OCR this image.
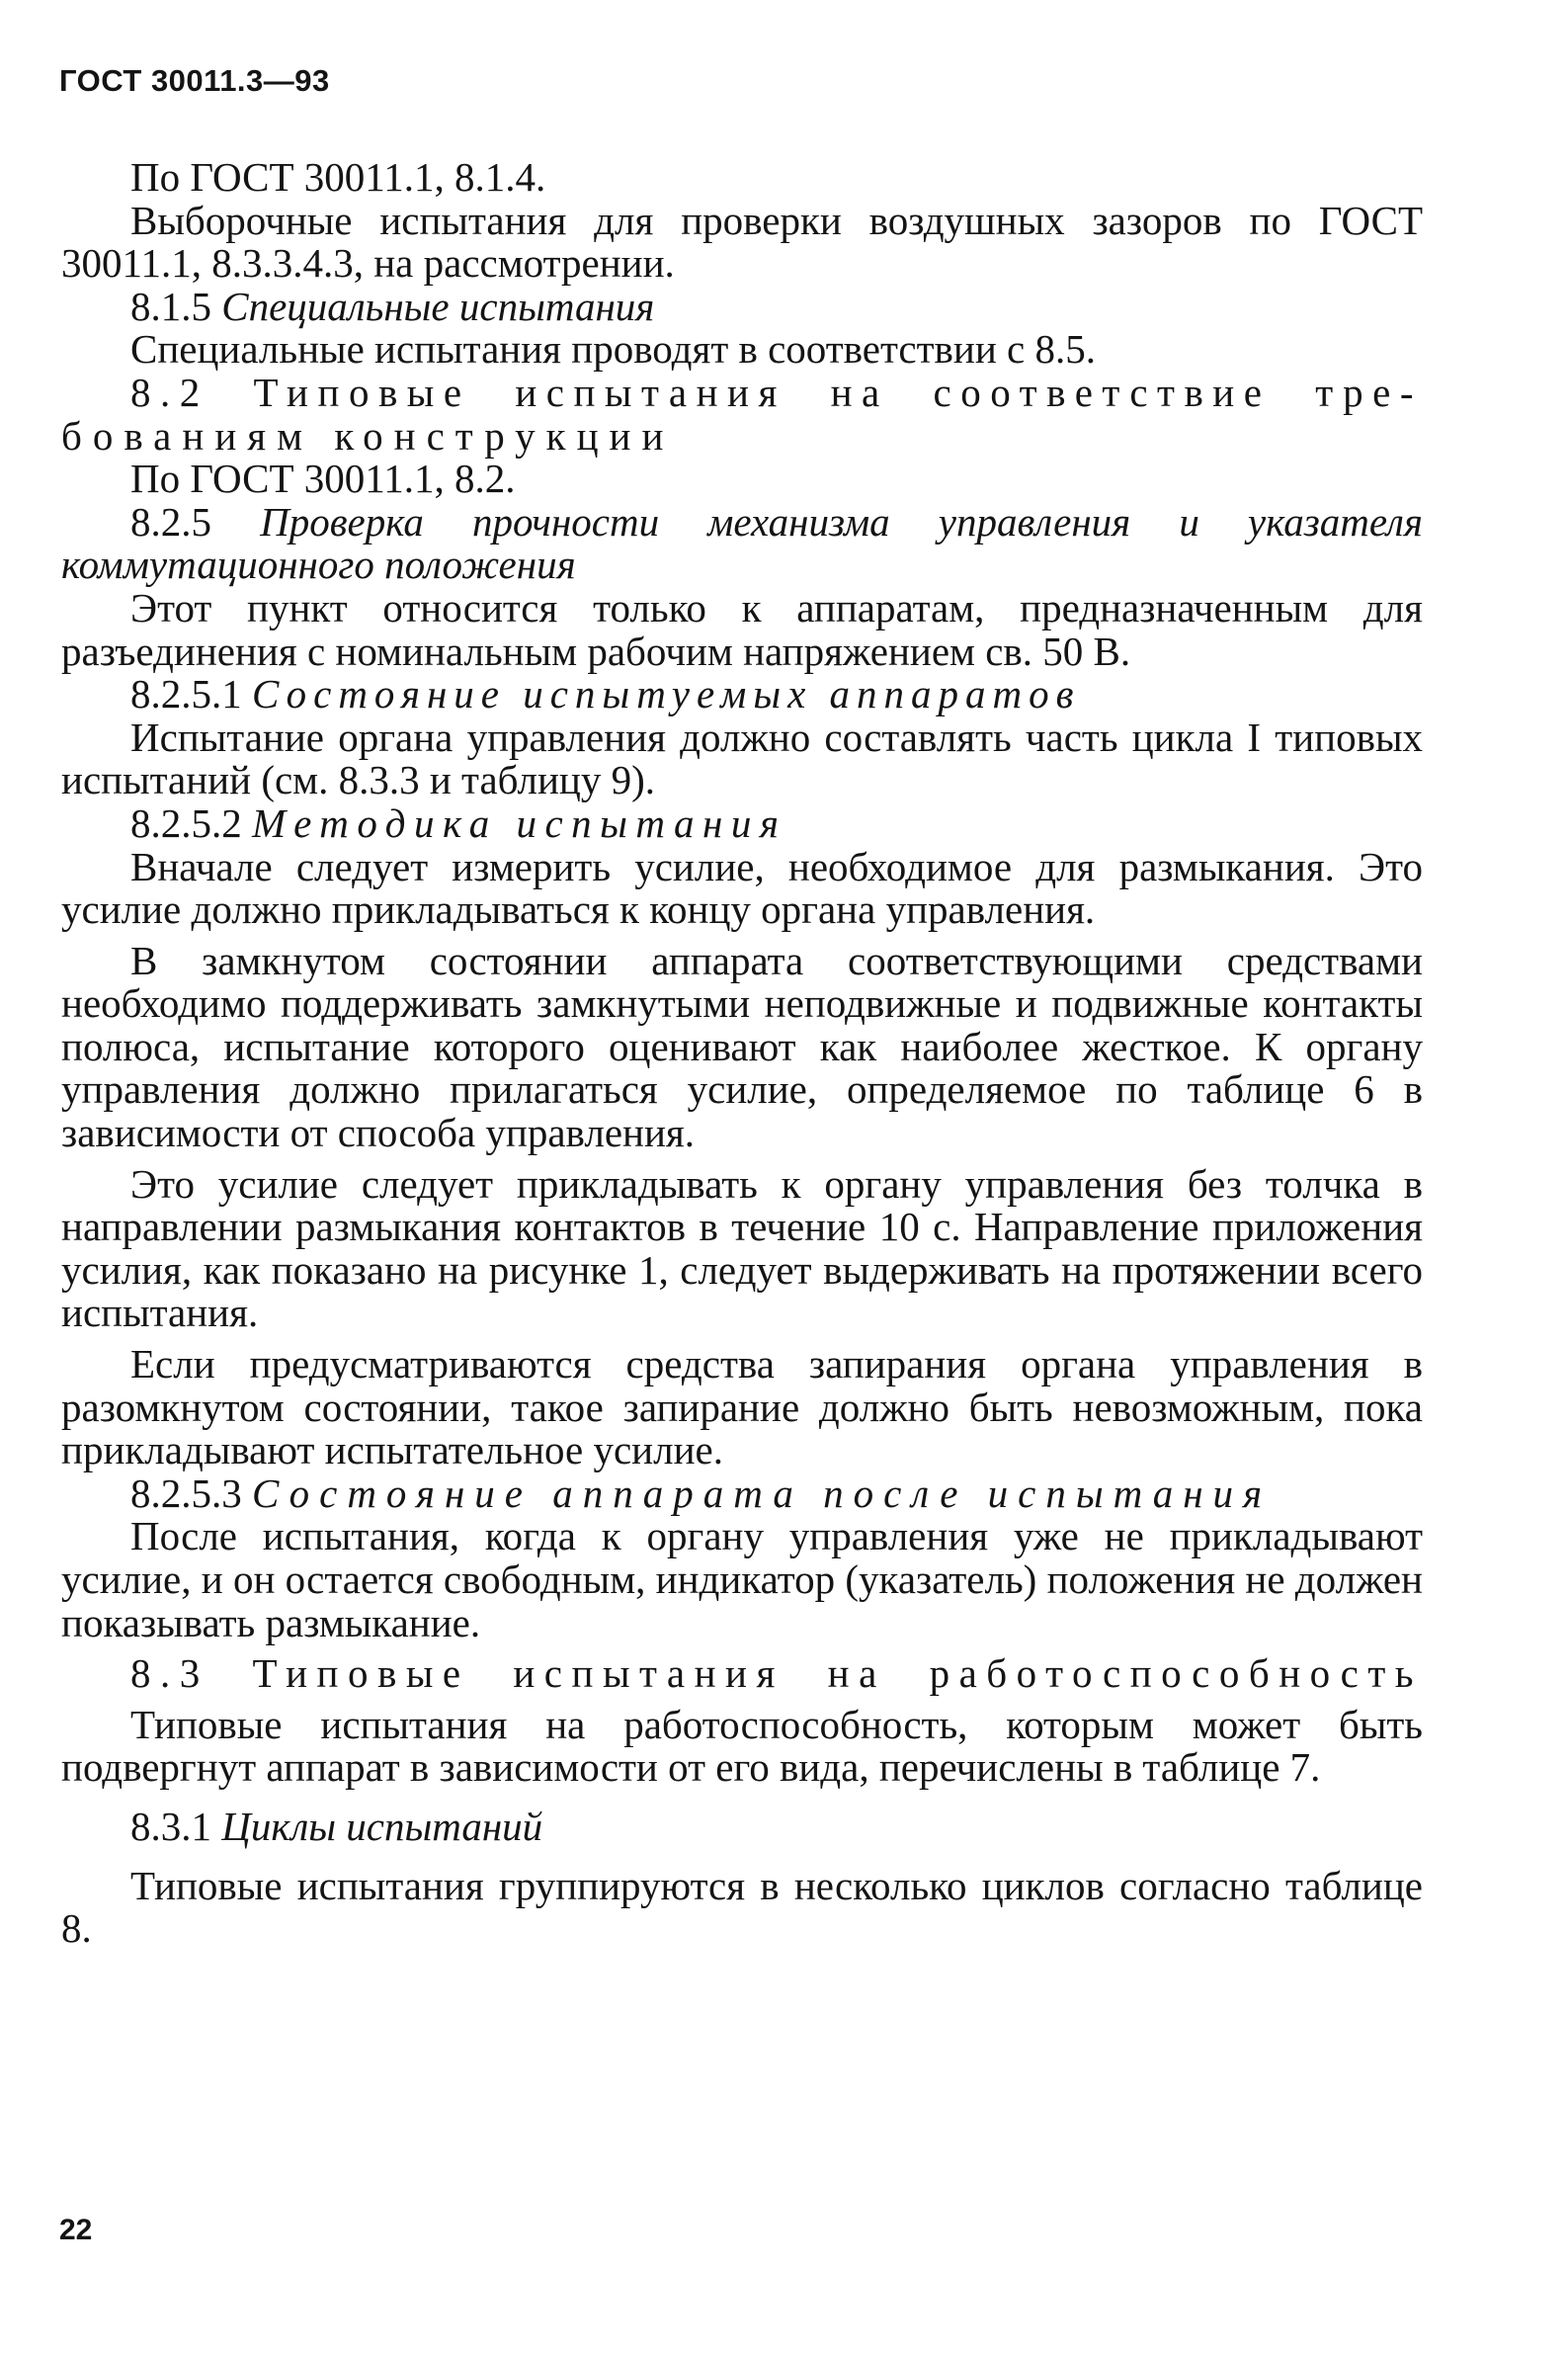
ГОСТ 30011.3—93

По ГОСТ 30011.1, 8.1.4.

Выборочные испытания для проверки воздушных зазоров по ГОСТ 30011.1, 8.3.3.4.3, на рассмотрении.

8.1.5 Специальные испытания

Специальные испытания проводят в соответствии с 8.5.

8.2 Типовые испытания на соответствие тре-

бованиям конструкции

По ГОСТ 30011.1, 8.2.

8.2.5 Проверка прочности механизма управления и указателя коммутационного положения

Этот пункт относится только к аппаратам, предназначенным для разъединения с номинальным рабочим напряжением св. 50 В.

8.2.5.1 Состояние испытуемых аппаратов

Испытание органа управления должно составлять часть цикла I типовых испытаний (см. 8.3.3 и таблицу 9).

8.2.5.2 Методика испытания

Вначале следует измерить усилие, необходимое для размыкания. Это усилие должно прикладываться к концу органа управления.

В замкнутом состоянии аппарата соответствующими средствами необходимо поддерживать замкнутыми неподвижные и подвижные контакты полюса, испытание которого оценивают как наиболее жесткое. К органу управления должно прилагаться усилие, определяемое по таблице 6 в зависимости от способа управления.

Это усилие следует прикладывать к органу управления без толчка в направлении размыкания контактов в течение 10 с. Направление приложения усилия, как показано на рисунке 1, следует выдерживать на протяжении всего испытания.

Если предусматриваются средства запирания органа управления в разомкнутом состоянии, такое запирание должно быть невозможным, пока прикладывают испытательное усилие.

8.2.5.3 Состояние аппарата после испытания

После испытания, когда к органу управления уже не прикладывают усилие, и он остается свободным, индикатор (указатель) положения не должен показывать размыкание.

8.3 Типовые испытания на работоспособность

Типовые испытания на работоспособность, которым может быть подвергнут аппарат в зависимости от его вида, перечислены в таблице 7.

8.3.1 Циклы испытаний

Типовые испытания группируются в несколько циклов согласно таблице 8.

22
